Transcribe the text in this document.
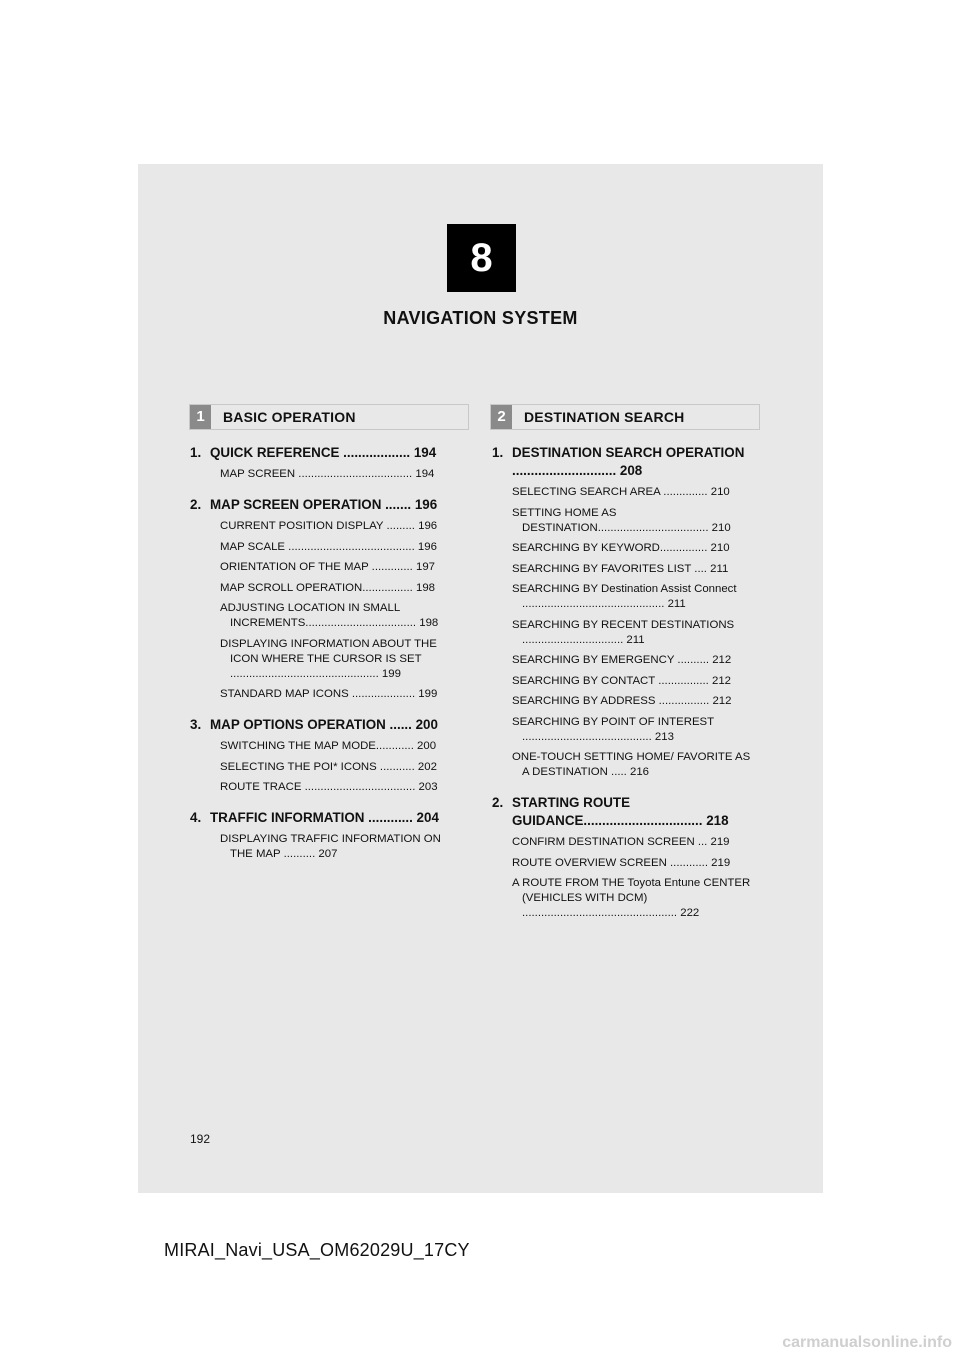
8
NAVIGATION SYSTEM
1	BASIC OPERATION	2	DESTINATION SEARCH
1. QUICK REFERENCE .................. 194
MAP SCREEN .................................... 194
2. MAP SCREEN OPERATION ....... 196
CURRENT POSITION DISPLAY ......... 196
MAP SCALE ........................................ 196
ORIENTATION OF THE MAP ............. 197
MAP SCROLL OPERATION................ 198
ADJUSTING LOCATION IN SMALL INCREMENTS................................... 198
DISPLAYING INFORMATION ABOUT THE ICON WHERE THE CURSOR IS SET ............................................... 199
STANDARD MAP ICONS .................... 199
3. MAP OPTIONS OPERATION ...... 200
SWITCHING THE MAP MODE............ 200
SELECTING THE POI* ICONS ........... 202
ROUTE TRACE ................................... 203
4. TRAFFIC INFORMATION ............ 204
DISPLAYING TRAFFIC INFORMATION ON THE MAP .......... 207
1. DESTINATION SEARCH OPERATION ............................ 208
SELECTING SEARCH AREA .............. 210
SETTING HOME AS DESTINATION................................... 210
SEARCHING BY KEYWORD............... 210
SEARCHING BY FAVORITES LIST .... 211
SEARCHING BY Destination Assist Connect ............................................. 211
SEARCHING BY RECENT DESTINATIONS ................................ 211
SEARCHING BY EMERGENCY .......... 212
SEARCHING BY CONTACT ................ 212
SEARCHING BY ADDRESS ................ 212
SEARCHING BY POINT OF INTEREST ......................................... 213
ONE-TOUCH SETTING HOME/ FAVORITE AS A DESTINATION ..... 216
2. STARTING ROUTE GUIDANCE................................ 218
CONFIRM DESTINATION SCREEN ... 219
ROUTE OVERVIEW SCREEN ............ 219
A ROUTE FROM THE Toyota Entune CENTER (VEHICLES WITH DCM) ................................................. 222
192
MIRAI_Navi_USA_OM62029U_17CY
carmanualsonline.info
